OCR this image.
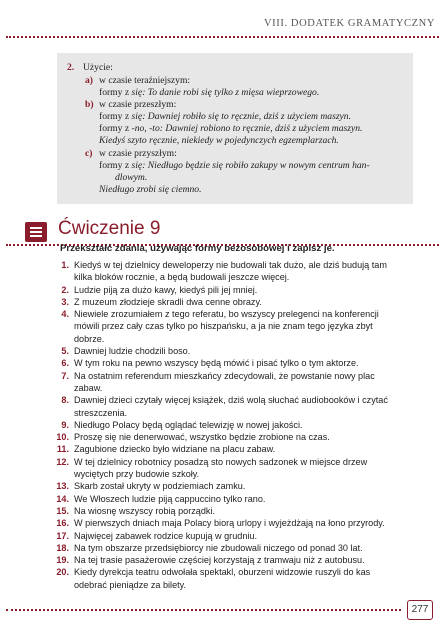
VIII. DODATEK GRAMATYCZNY
2. Użycie:
a) w czasie teraźniejszym:
formy z się: To danie robi się tylko z mięsa wieprzowego.
b) w czasie przeszłym:
formy z się: Dawniej robiło się to ręcznie, dziś z użyciem maszyn.
formy z -no, -to: Dawniej robiono to ręcznie, dziś z użyciem maszyn.
Kiedyś szyto ręcznie, niekiedy w pojedynczych egzemplarzach.
c) w czasie przyszłym:
formy z się: Niedługo będzie się robiło zakupy w nowym centrum han-
dlowym.
Niedługo zrobi się ciemno.
Ćwiczenie 9
Przekształć zdania, używając formy bezosobowej i zapisz je.
1. Kiedyś w tej dzielnicy deweloperzy nie budowali tak dużo, ale dziś budują tam kilka bloków rocznie, a będą budowali jeszcze więcej.
2. Ludzie piją za dużo kawy, kiedyś pili jej mniej.
3. Z muzeum złodzieje skradli dwa cenne obrazy.
4. Niewiele zrozumiałem z tego referatu, bo wszyscy prelegenci na konferencji mówili przez cały czas tylko po hiszpańsku, a ja nie znam tego języka zbyt dobrze.
5. Dawniej ludzie chodzili boso.
6. W tym roku na pewno wszyscy będą mówić i pisać tylko o tym aktorze.
7. Na ostatnim referendum mieszkańcy zdecydowali, że powstanie nowy plac zabaw.
8. Dawniej dzieci czytały więcej książek, dziś wolą słuchać audiobooków i czytać streszczenia.
9. Niedługo Polacy będą oglądać telewizję w nowej jakości.
10. Proszę się nie denerwować, wszystko będzie zrobione na czas.
11. Zagubione dziecko było widziane na placu zabaw.
12. W tej dzielnicy robotnicy posadzą sto nowych sadzonek w miejsce drzew wyciętych przy budowie szkoły.
13. Skarb został ukryty w podziemiach zamku.
14. We Włoszech ludzie piją cappuccino tylko rano.
15. Na wiosnę wszyscy robią porządki.
16. W pierwszych dniach maja Polacy biorą urlopy i wyjeżdżają na łono przyrody.
17. Najwięcej zabawek rodzice kupują w grudniu.
18. Na tym obszarze przedsiębiorcy nie zbudowali niczego od ponad 30 lat.
19. Na tej trasie pasażerowie częściej korzystają z tramwaju niż z autobusu.
20. Kiedy dyrekcja teatru odwołała spektakl, oburzeni widzowie ruszyli do kas odebrać pieniądze za bilety.
277
